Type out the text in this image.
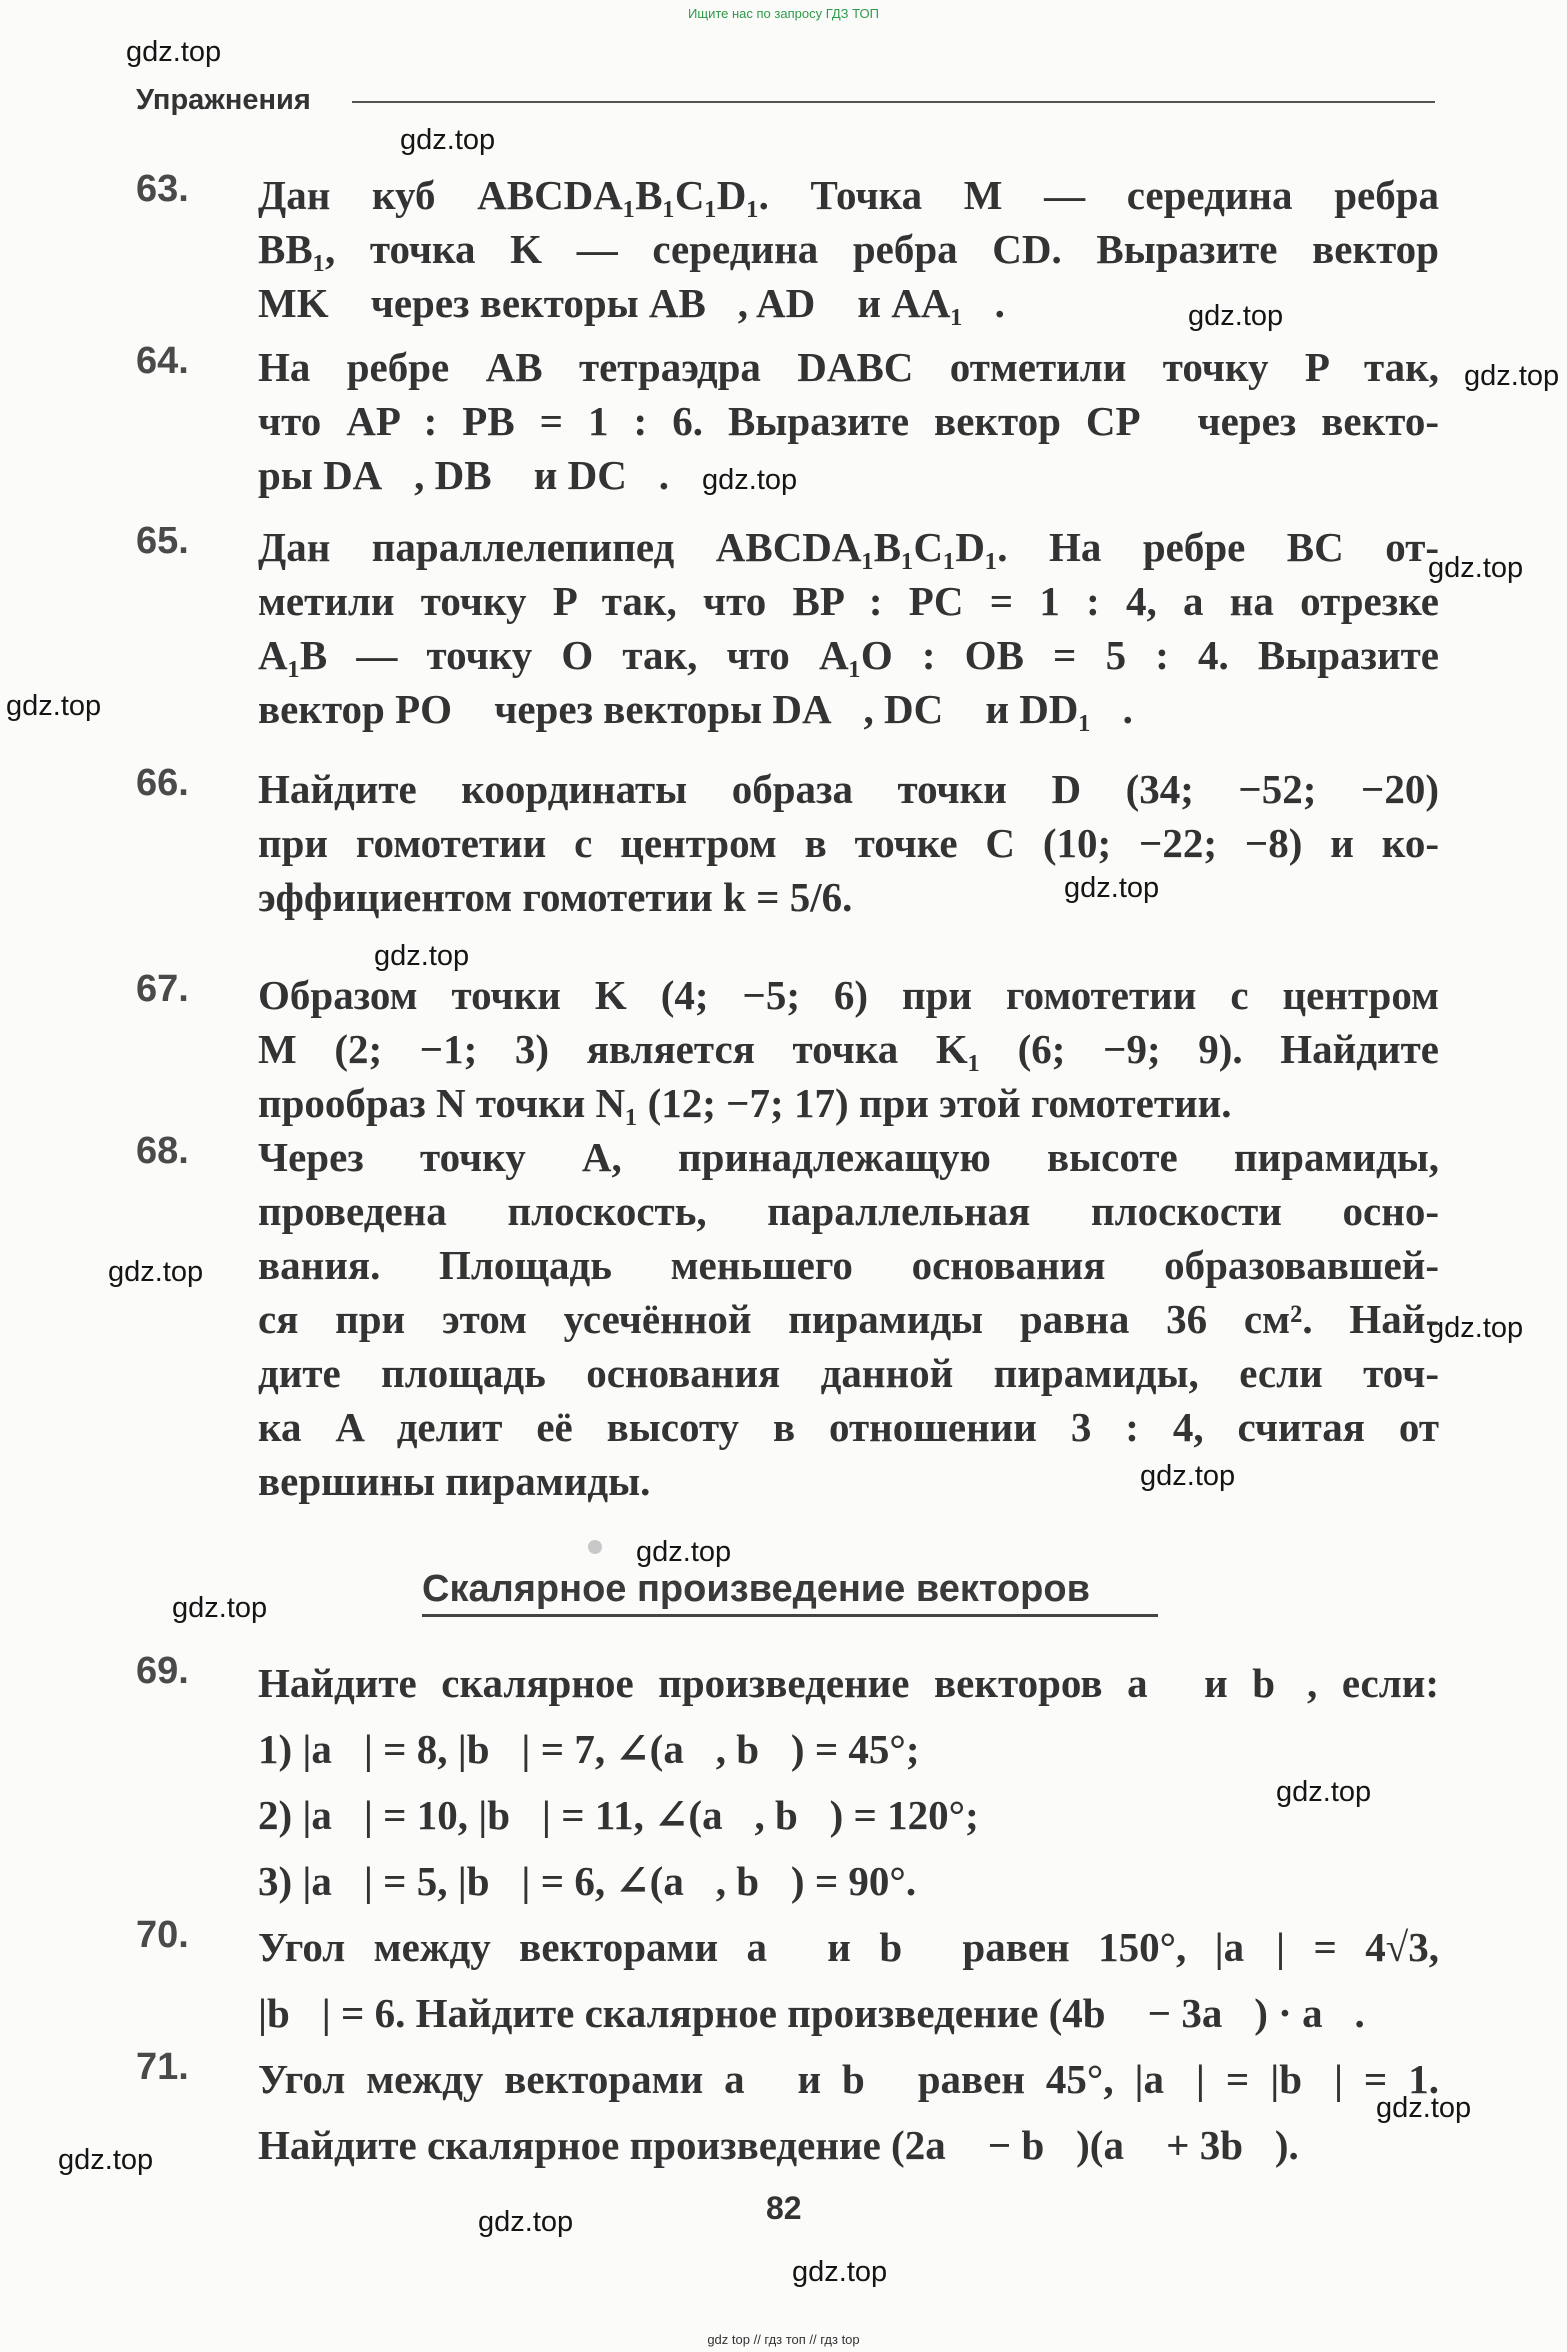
Ищите нас по запросу ГДЗ ТОП
Упражнения
gdz.top
gdz.top
gdz.top
gdz.top
gdz.top
gdz.top
gdz.top
gdz.top
gdz.top
gdz.top
gdz.top
gdz.top
gdz.top
gdz.top
gdz.top
gdz.top
gdz.top
gdz.top
gdz.top
63. Дан куб ABCDA₁B₁C₁D₁. Точка M — середина ребра

BB₁, точка K — середина ребра CD. Выразите вектор

MK⃗ через векторы AB⃗, AD⃗ и AA₁⃗.

64. На ребре AB тетраэдра DABC отметили точку P так,

что AP : PB = 1 : 6. Выразите вектор CP⃗ через векто-

ры DA⃗, DB⃗ и DC⃗.

65. Дан параллелепипед ABCDA₁B₁C₁D₁. На ребре BC от-

метили точку P так, что BP : PC = 1 : 4, а на отрезке

A₁B — точку O так, что A₁O : OB = 5 : 4. Выразите

вектор PO⃗ через векторы DA⃗, DC⃗ и DD₁⃗.

66. Найдите координаты образа точки D (34; −52; −20)

при гомотетии с центром в точке C (10; −22; −8) и ко-

эффициентом гомотетии k = 5/6.

67. Образом точки K (4; −5; 6) при гомотетии с центром

M (2; −1; 3) является точка K₁ (6; −9; 9). Найдите

прообраз N точки N₁ (12; −7; 17) при этой гомотетии.

68. Через точку A, принадлежащую высоте пирамиды,

проведена плоскость, параллельная плоскости осно-

вания. Площадь меньшего основания образовавшей-

ся при этом усечённой пирамиды равна 36 см². Най-

дите площадь основания данной пирамиды, если точ-

ка A делит её высоту в отношении 3 : 4, считая от

вершины пирамиды.

Скалярное произведение векторов
69. Найдите скалярное произведение векторов a⃗ и b⃗, если:

1) |a⃗| = 8, |b⃗| = 7, ∠(a⃗, b⃗) = 45°;

2) |a⃗| = 10, |b⃗| = 11, ∠(a⃗, b⃗) = 120°;

3) |a⃗| = 5, |b⃗| = 6, ∠(a⃗, b⃗) = 90°.

70. Угол между векторами a⃗ и b⃗ равен 150°, |a⃗| = 4√3,

|b⃗| = 6. Найдите скалярное произведение (4b⃗ − 3a⃗) · a⃗.

71. Угол между векторами a⃗ и b⃗ равен 45°, |a⃗| = |b⃗| = 1.

Найдите скалярное произведение (2a⃗ − b⃗)(a⃗ + 3b⃗).

82
gdz top // гдз топ // гдз top
